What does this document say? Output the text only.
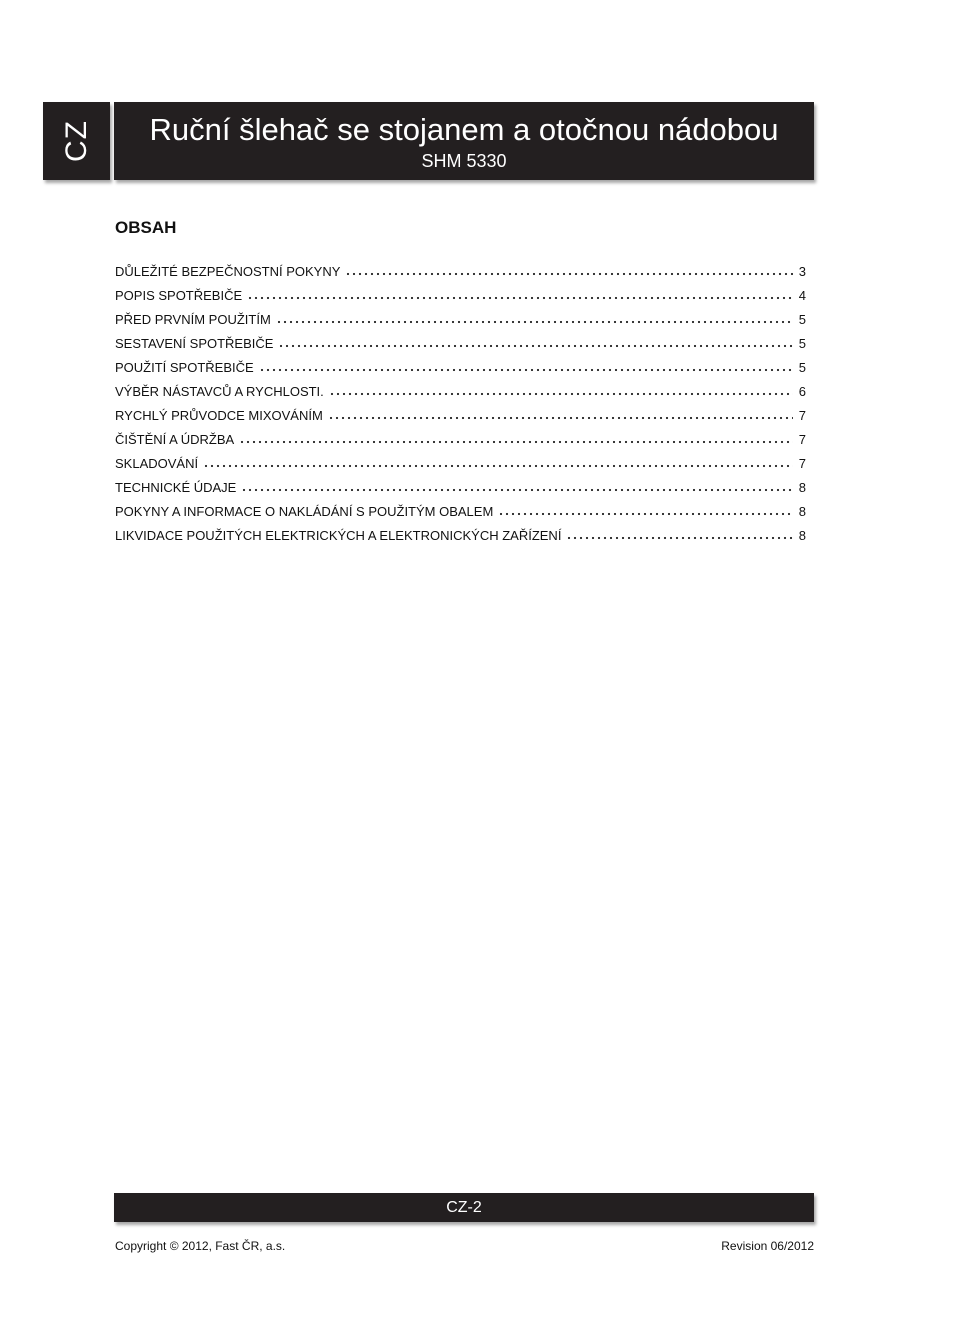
CZ	Ruční šlehač se stojanem a otočnou nádobou
SHM 5330
OBSAH
DŮLEŽITÉ BEZPEČNOSTNÍ POKYNY	3
POPIS SPOTŘEBIČE	4
PŘED PRVNÍM POUŽITÍM	5
SESTAVENÍ SPOTŘEBIČE	5
POUŽITÍ SPOTŘEBIČE	5
VÝBĚR NÁSTAVCŮ A RYCHLOSTI.	6
RYCHLÝ PRŮVODCE MIXOVÁNÍM	7
ČIŠTĚNÍ A ÚDRŽBA	7
SKLADOVÁNÍ	7
TECHNICKÉ ÚDAJE	8
POKYNY A INFORMACE O NAKLÁDÁNÍ S POUŽITÝM OBALEM	8
LIKVIDACE POUŽITÝCH ELEKTRICKÝCH A ELEKTRONICKÝCH ZAŘÍZENÍ	8
CZ-2
Copyright © 2012, Fast ČR, a.s.	Revision 06/2012
